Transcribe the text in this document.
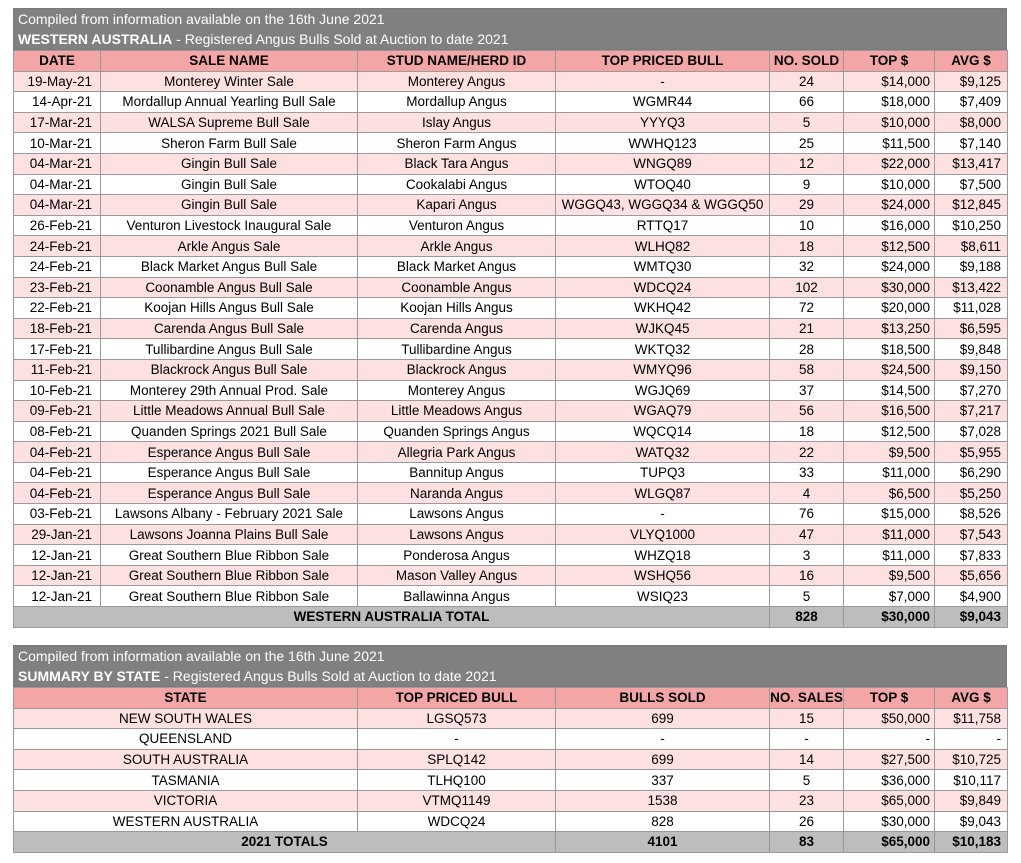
Compiled from information available on the 16th June 2021
WESTERN AUSTRALIA - Registered Angus Bulls Sold at Auction to date 2021
DATE	SALE NAME	STUD NAME/HERD ID	TOP PRICED BULL	NO. SOLD	TOP $	AVG $
19-May-21	Monterey Winter Sale	Monterey Angus	-	24	$14,000	$9,125
14-Apr-21	Mordallup Annual Yearling Bull Sale	Mordallup Angus	WGMR44	66	$18,000	$7,409
17-Mar-21	WALSA Supreme Bull Sale	Islay Angus	YYYQ3	5	$10,000	$8,000
10-Mar-21	Sheron Farm Bull Sale	Sheron Farm Angus	WWHQ123	25	$11,500	$7,140
04-Mar-21	Gingin Bull Sale	Black Tara Angus	WNGQ89	12	$22,000	$13,417
04-Mar-21	Gingin Bull Sale	Cookalabi Angus	WTOQ40	9	$10,000	$7,500
04-Mar-21	Gingin Bull Sale	Kapari Angus	WGGQ43, WGGQ34 & WGGQ50	29	$24,000	$12,845
26-Feb-21	Venturon Livestock Inaugural Sale	Venturon Angus	RTTQ17	10	$16,000	$10,250
24-Feb-21	Arkle Angus Sale	Arkle Angus	WLHQ82	18	$12,500	$8,611
24-Feb-21	Black Market Angus Bull Sale	Black Market Angus	WMTQ30	32	$24,000	$9,188
23-Feb-21	Coonamble Angus Bull Sale	Coonamble Angus	WDCQ24	102	$30,000	$13,422
22-Feb-21	Koojan Hills Angus Bull Sale	Koojan Hills Angus	WKHQ42	72	$20,000	$11,028
18-Feb-21	Carenda Angus Bull Sale	Carenda Angus	WJKQ45	21	$13,250	$6,595
17-Feb-21	Tullibardine Angus Bull Sale	Tullibardine Angus	WKTQ32	28	$18,500	$9,848
11-Feb-21	Blackrock Angus Bull Sale	Blackrock Angus	WMYQ96	58	$24,500	$9,150
10-Feb-21	Monterey 29th Annual Prod. Sale	Monterey Angus	WGJQ69	37	$14,500	$7,270
09-Feb-21	Little Meadows Annual Bull Sale	Little Meadows Angus	WGAQ79	56	$16,500	$7,217
08-Feb-21	Quanden Springs 2021 Bull Sale	Quanden Springs Angus	WQCQ14	18	$12,500	$7,028
04-Feb-21	Esperance Angus Bull Sale	Allegria Park Angus	WATQ32	22	$9,500	$5,955
04-Feb-21	Esperance Angus Bull Sale	Bannitup Angus	TUPQ3	33	$11,000	$6,290
04-Feb-21	Esperance Angus Bull Sale	Naranda Angus	WLGQ87	4	$6,500	$5,250
03-Feb-21	Lawsons Albany - February 2021 Sale	Lawsons Angus	-	76	$15,000	$8,526
29-Jan-21	Lawsons Joanna Plains Bull Sale	Lawsons Angus	VLYQ1000	47	$11,000	$7,543
12-Jan-21	Great Southern Blue Ribbon Sale	Ponderosa Angus	WHZQ18	3	$11,000	$7,833
12-Jan-21	Great Southern Blue Ribbon Sale	Mason Valley Angus	WSHQ56	16	$9,500	$5,656
12-Jan-21	Great Southern Blue Ribbon Sale	Ballawinna Angus	WSIQ23	5	$7,000	$4,900
WESTERN AUSTRALIA TOTAL				828	$30,000	$9,043
Compiled from information available on the 16th June 2021
SUMMARY BY STATE - Registered Angus Bulls Sold at Auction to date 2021
STATE	TOP PRICED BULL	BULLS SOLD	NO. SALES	TOP $	AVG $
NEW SOUTH WALES	LGSQ573	699	15	$50,000	$11,758
QUEENSLAND	-	-	-	-	-
SOUTH AUSTRALIA	SPLQ142	699	14	$27,500	$10,725
TASMANIA	TLHQ100	337	5	$36,000	$10,117
VICTORIA	VTMQ1149	1538	23	$65,000	$9,849
WESTERN AUSTRALIA	WDCQ24	828	26	$30,000	$9,043
2021 TOTALS		4101	83	$65,000	$10,183
